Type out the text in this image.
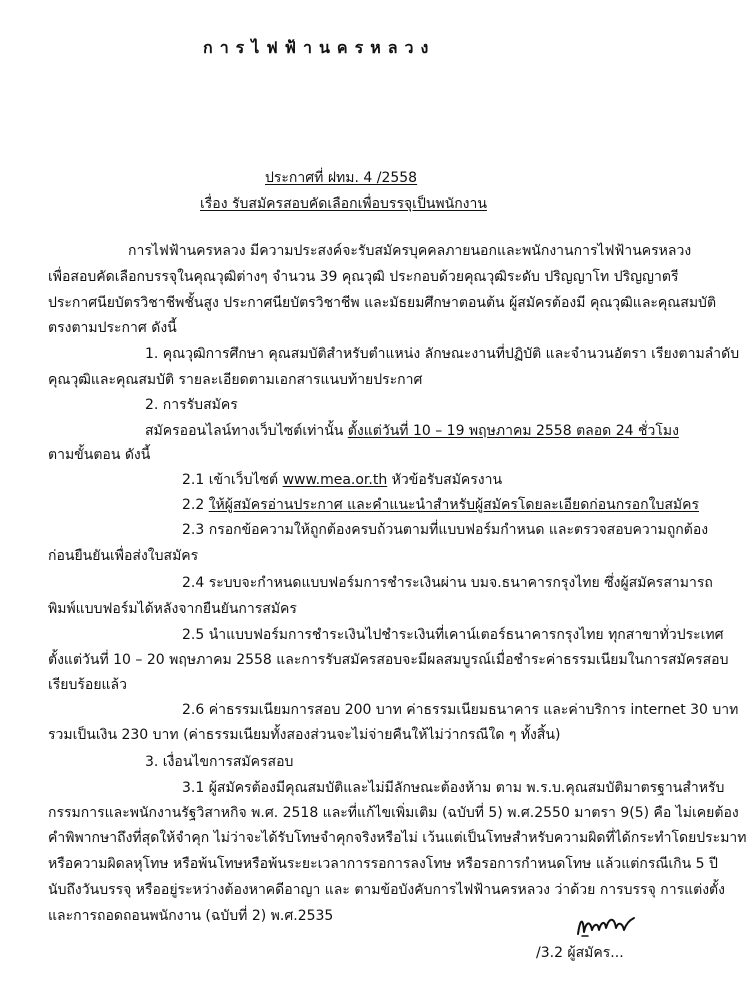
การไฟฟ้านครหลวง
ประกาศที่ ฝทม. 4 /2558
เรื่อง รับสมัครสอบคัดเลือกเพื่อบรรจุเป็นพนักงาน
การไฟฟ้านครหลวง มีความประสงค์จะรับสมัครบุคคลภายนอกและพนักงานการไฟฟ้านครหลวง
เพื่อสอบคัดเลือกบรรจุในคุณวุฒิต่างๆ จำนวน 39 คุณวุฒิ ประกอบด้วยคุณวุฒิระดับ ปริญญาโท ปริญญาตรี
ประกาศนียบัตรวิชาชีพชั้นสูง ประกาศนียบัตรวิชาชีพ และมัธยมศึกษาตอนต้น ผู้สมัครต้องมี คุณวุฒิและคุณสมบัติ
ตรงตามประกาศ ดังนี้
1. คุณวุฒิการศึกษา คุณสมบัติสำหรับตำแหน่ง ลักษณะงานที่ปฏิบัติ และจำนวนอัตรา เรียงตามลำดับ
คุณวุฒิและคุณสมบัติ รายละเอียดตามเอกสารแนบท้ายประกาศ
2. การรับสมัคร
สมัครออนไลน์ทางเว็บไซต์เท่านั้น ตั้งแต่วันที่ 10 – 19 พฤษภาคม 2558 ตลอด 24 ชั่วโมง
ตามขั้นตอน ดังนี้
2.1 เข้าเว็บไซต์ www.mea.or.th หัวข้อรับสมัครงาน
2.2 ให้ผู้สมัครอ่านประกาศ และคำแนะนำสำหรับผู้สมัครโดยละเอียดก่อนกรอกใบสมัคร
2.3 กรอกข้อความให้ถูกต้องครบถ้วนตามที่แบบฟอร์มกำหนด และตรวจสอบความถูกต้อง
ก่อนยืนยันเพื่อส่งใบสมัคร
2.4 ระบบจะกำหนดแบบฟอร์มการชำระเงินผ่าน บมจ.ธนาคารกรุงไทย ซึ่งผู้สมัครสามารถ
พิมพ์แบบฟอร์มได้หลังจากยืนยันการสมัคร
2.5 นำแบบฟอร์มการชำระเงินไปชำระเงินที่เคาน์เตอร์ธนาคารกรุงไทย ทุกสาขาทั่วประเทศ
ตั้งแต่วันที่ 10 – 20 พฤษภาคม 2558 และการรับสมัครสอบจะมีผลสมบูรณ์เมื่อชำระค่าธรรมเนียมในการสมัครสอบ
เรียบร้อยแล้ว
2.6 ค่าธรรมเนียมการสอบ 200 บาท ค่าธรรมเนียมธนาคาร และค่าบริการ internet 30 บาท
รวมเป็นเงิน 230 บาท (ค่าธรรมเนียมทั้งสองส่วนจะไม่จ่ายคืนให้ไม่ว่ากรณีใด ๆ ทั้งสิ้น)
3. เงื่อนไขการสมัครสอบ
3.1 ผู้สมัครต้องมีคุณสมบัติและไม่มีลักษณะต้องห้าม ตาม พ.ร.บ.คุณสมบัติมาตรฐานสำหรับ
กรรมการและพนักงานรัฐวิสาหกิจ พ.ศ. 2518 และที่แก้ไขเพิ่มเติม (ฉบับที่ 5) พ.ศ.2550 มาตรา 9(5) คือ ไม่เคยต้อง
คำพิพากษาถึงที่สุดให้จำคุก ไม่ว่าจะได้รับโทษจำคุกจริงหรือไม่ เว้นแต่เป็นโทษสำหรับความผิดที่ได้กระทำโดยประมาท
หรือความผิดลหุโทษ หรือพ้นโทษหรือพ้นระยะเวลาการรอการลงโทษ หรือรอการกำหนดโทษ แล้วแต่กรณีเกิน 5 ปี
นับถึงวันบรรจุ หรืออยู่ระหว่างต้องหาคดีอาญา และ ตามข้อบังคับการไฟฟ้านครหลวง ว่าด้วย การบรรจุ การแต่งตั้ง
และการถอดถอนพนักงาน (ฉบับที่ 2) พ.ศ.2535
/3.2 ผู้สมัคร...
